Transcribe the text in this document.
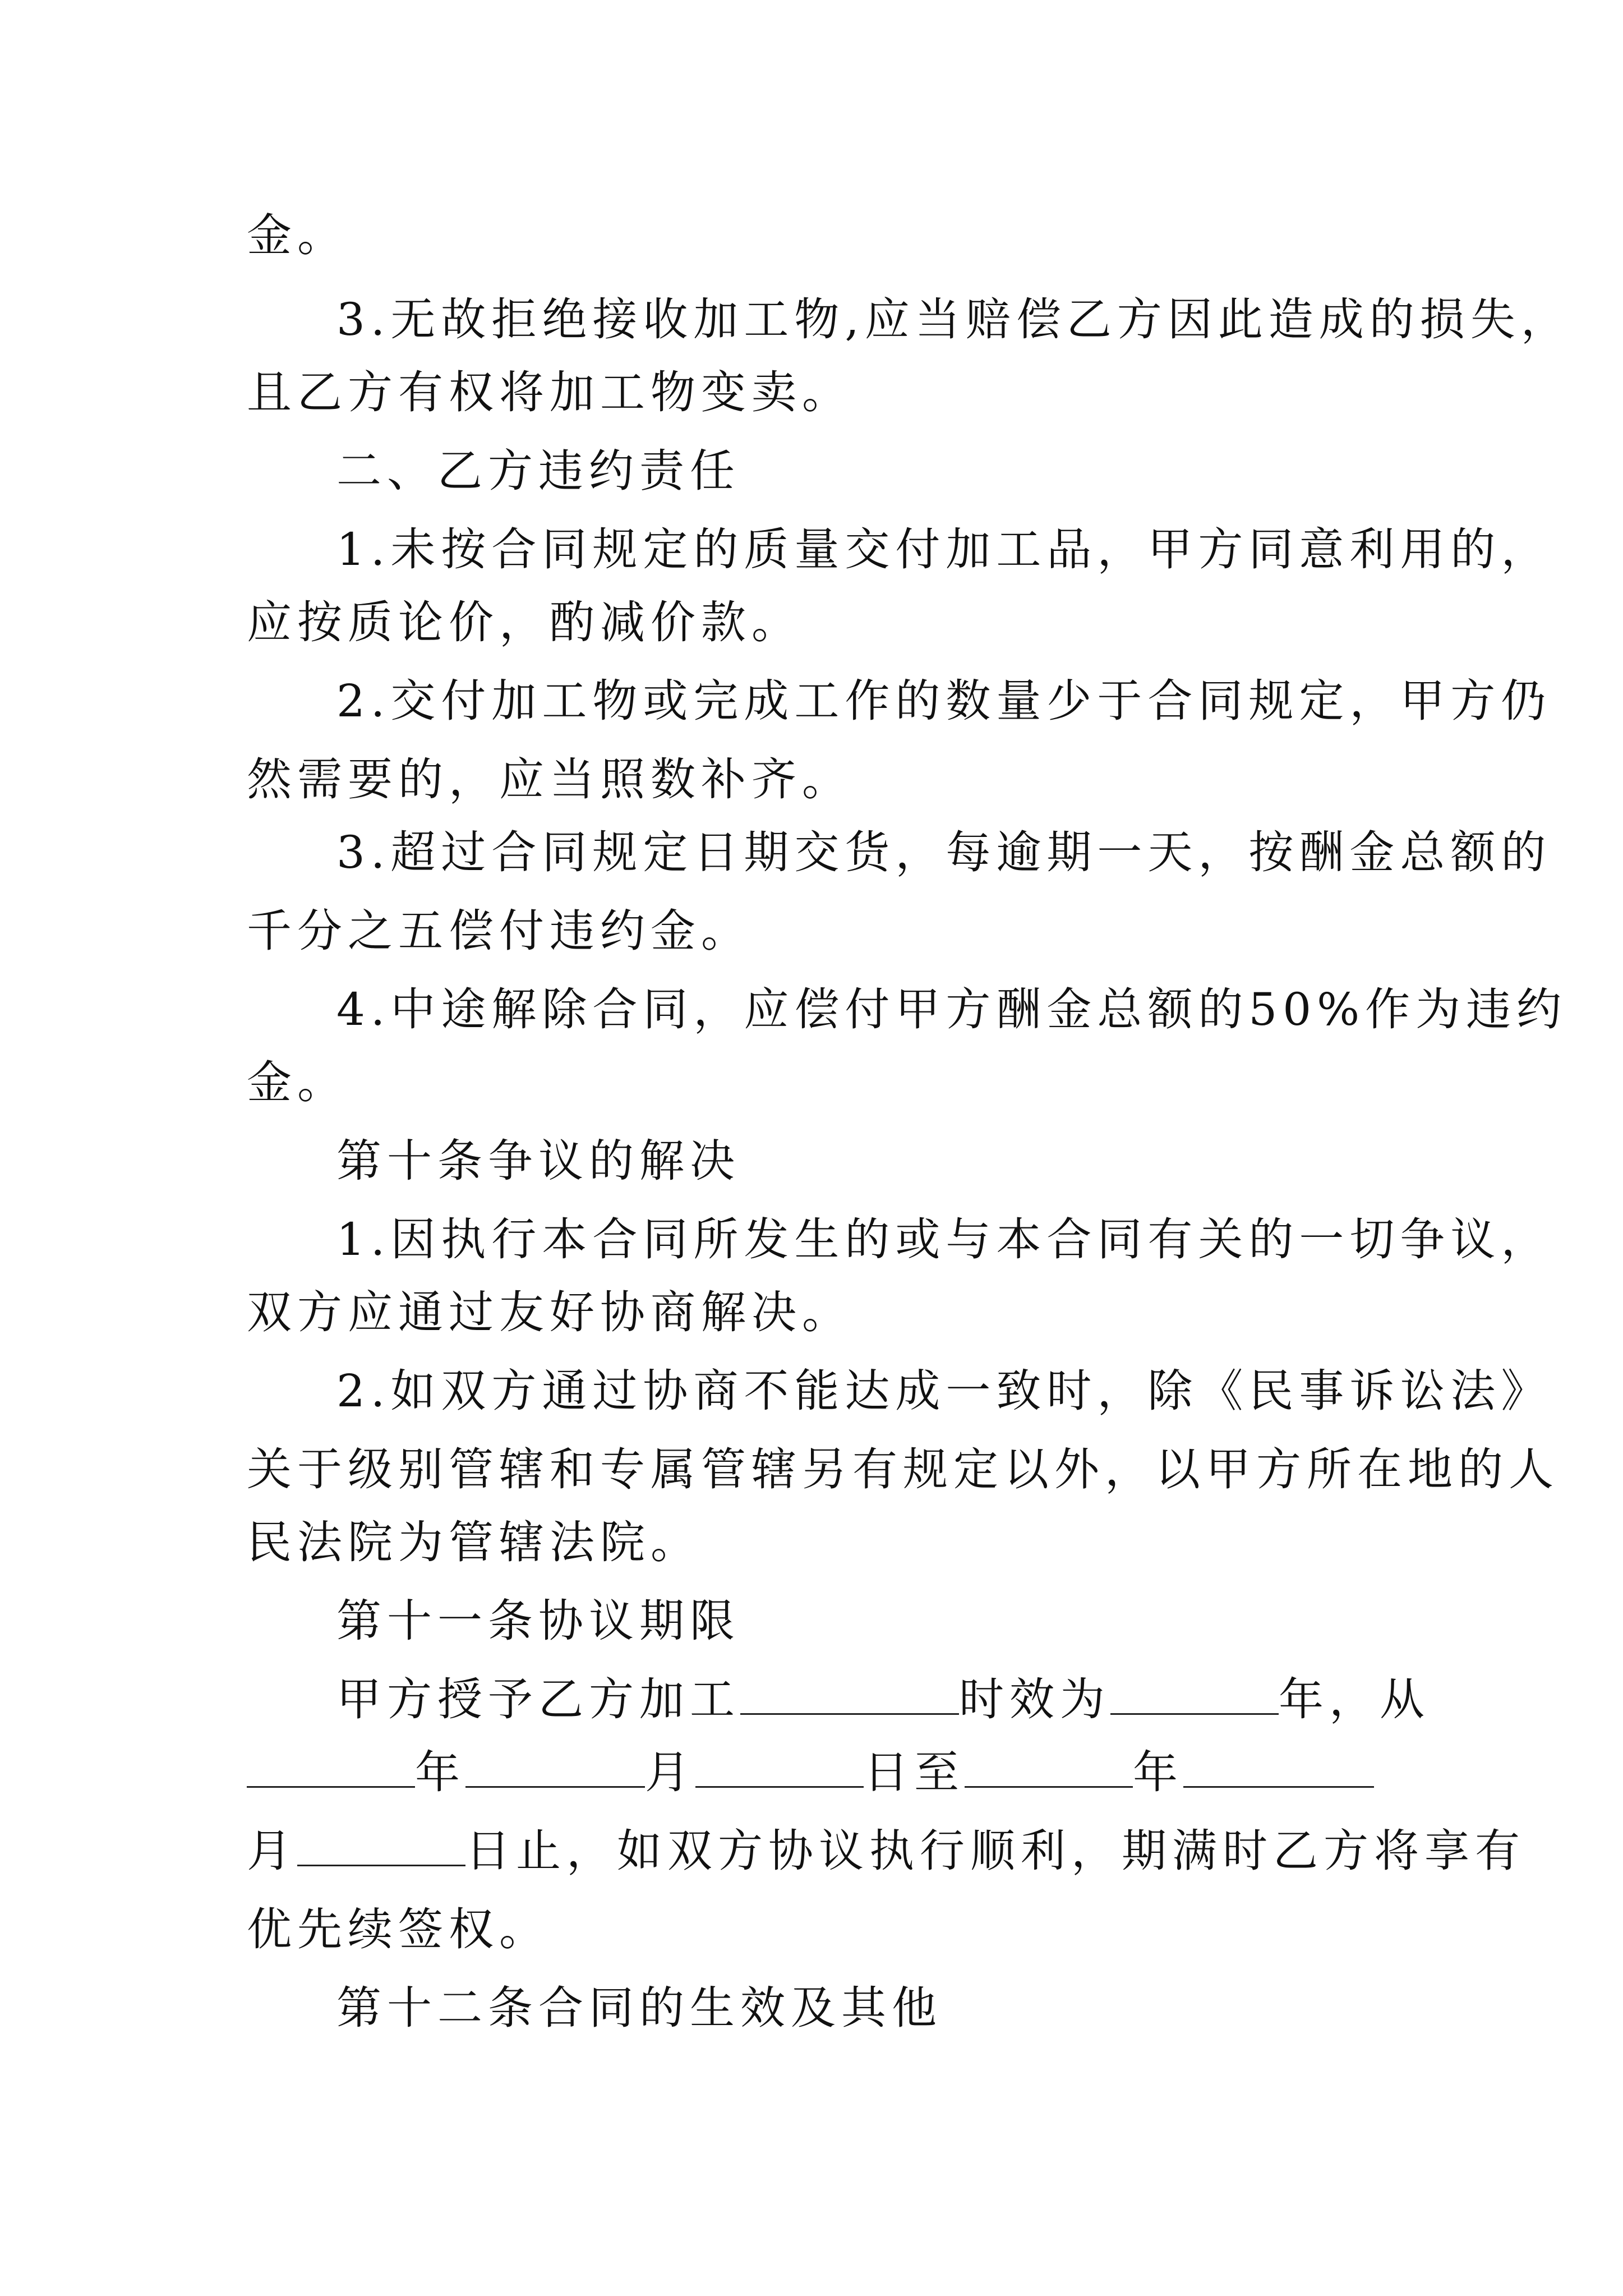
金。

3.无故拒绝接收加工物,应当赔偿乙方因此造成的损失，

且乙方有权将加工物变卖。

二、乙方违约责任

1.未按合同规定的质量交付加工品，甲方同意利用的，

应按质论价，酌减价款。

2.交付加工物或完成工作的数量少于合同规定，甲方仍

然需要的，应当照数补齐。

3.超过合同规定日期交货，每逾期一天，按酬金总额的

千分之五偿付违约金。

4.中途解除合同，应偿付甲方酬金总额的50%作为违约

金。

第十条争议的解决

1.因执行本合同所发生的或与本合同有关的一切争议，

双方应通过友好协商解决。

2.如双方通过协商不能达成一致时，除《民事诉讼法》

关于级别管辖和专属管辖另有规定以外，以甲方所在地的人

民法院为管辖法院。

第十一条协议期限

甲方授予乙方加工	时效为	年，从

年	月	日至	年

月	日止，如双方协议执行顺利，期满时乙方将享有

优先续签权。

第十二条合同的生效及其他
